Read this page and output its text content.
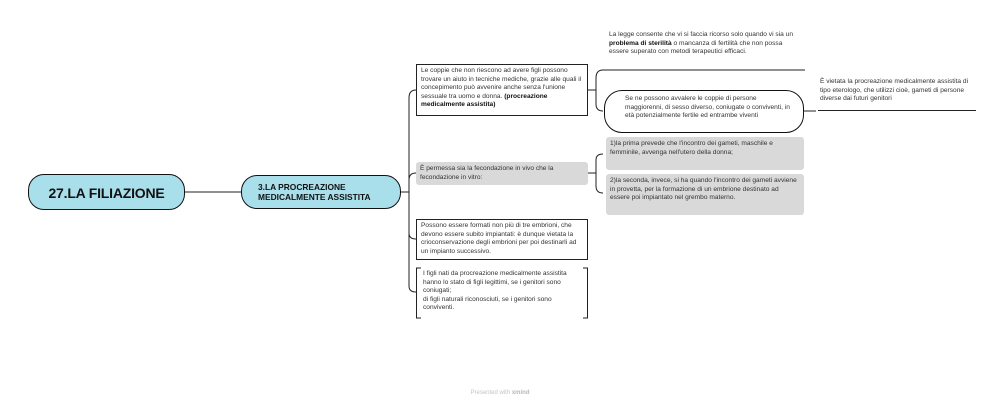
27.LA FILIAZIONE	3.LA PROCREAZIONE MEDICALMENTE ASSISTITA
Le coppie che non riescono ad avere figli possono trovare un aiuto in tecniche mediche, grazie alle quali il concepimento può avvenire anche senza l'unione sessuale tra uomo e donna. (procreazione medicalmente assistita)
La legge consente che vi si faccia ricorso solo quando vi sia un problema di sterilità o mancanza di fertilità che non possa essere superato con metodi terapeutici efficaci.
Se ne possono avvalere le coppie di persone maggiorenni, di sesso diverso, coniugate o conviventi, in età potenzialmente fertile ed entrambe viventi
È vietata la procreazione medicalmente assistita di tipo eterologo, che utilizzi cioè, gameti di persone diverse dai futuri genitori
È permessa sia la fecondazione in vivo che la fecondazione in vitro:
1)la prima prevede che l'incontro dei gameti, maschile e femminile, avvenga nell'utero della donna;
2)la seconda, invece, si ha quando l'incontro dei gameti avviene in provetta, per la formazione di un embrione destinato ad essere poi impiantato nel grembo materno.
Possono essere formati non più di tre embrioni, che devono essere subito impiantati: è dunque vietata la crioconservazione degli embrioni per poi destinarli ad un impianto successivo.
I figli nati da procreazione medicalmente assistita hanno lo stato di figli legittimi, se i genitori sono coniugati;
di figli naturali riconosciuti, se i genitori sono conviventi.
Presented with xmind
